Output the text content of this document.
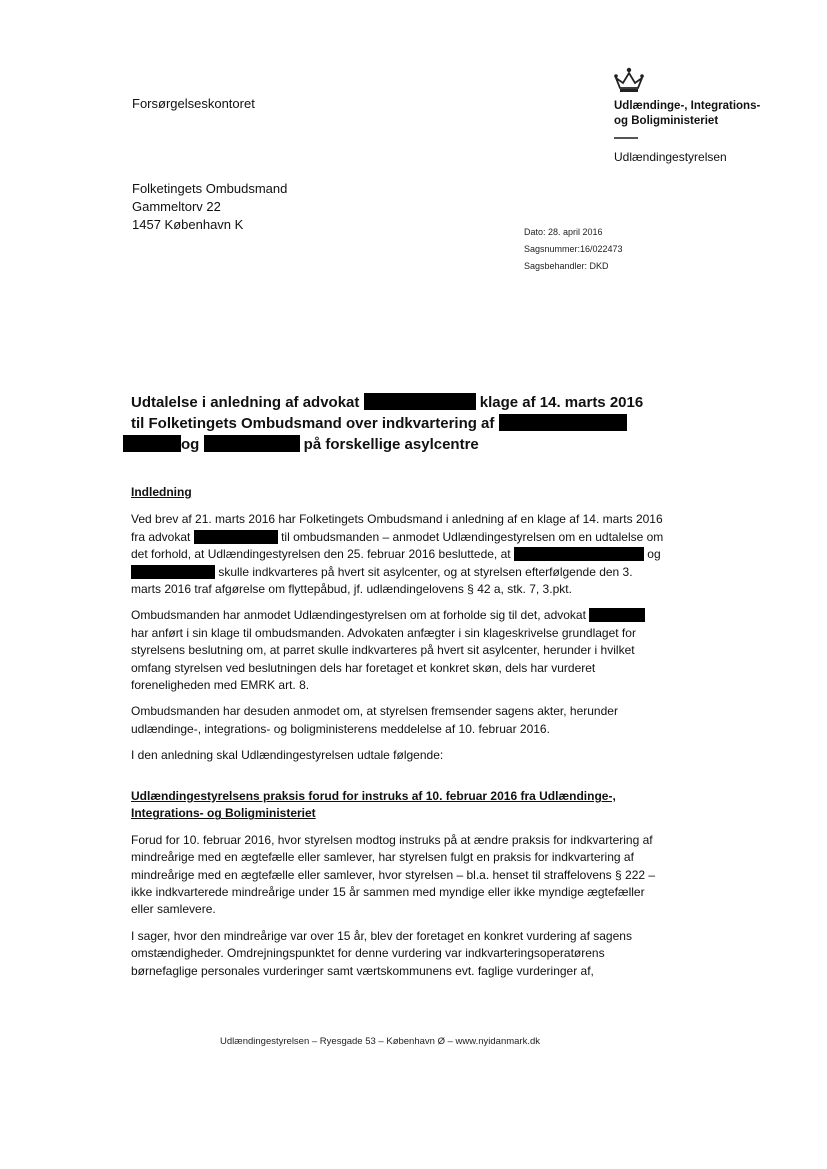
Forsørgelseskontoret	Udlændinge-, Integrations-
og Boligministeriet
Udlændingestyrelsen
Folketingets Ombudsmand
Gammeltorv 22
1457 København K	Dato: 28. april 2016
Sagsnummer:16/022473
Sagsbehandler: DKD
Udtalelse i anledning af advokat	klage af 14. marts 2016
til Folketingets Ombudsmand over indkvartering af
og	på forskellige asylcentre

Indledning

Ved brev af 21. marts 2016 har Folketingets Ombudsmand i anledning af en klage af 14. marts 2016 fra advokat	til ombudsmanden – anmodet Udlændingestyrelsen om en udtalelse om det forhold, at Udlændingestyrelsen den 25. februar 2016 besluttede, at	og  skulle indkvarteres på hvert sit asylcenter, og at styrelsen efterfølgende den 3. marts 2016 traf afgørelse om flyttepåbud, jf. udlændingelovens § 42 a, stk. 7, 3.pkt.

Ombudsmanden har anmodet Udlændingestyrelsen om at forholde sig til det, advokat  har anført i sin klage til ombudsmanden. Advokaten anfægter i sin klageskrivelse grundlaget for styrelsens beslutning om, at parret skulle indkvarteres på hvert sit asylcenter, herunder i hvilket omfang styrelsen ved beslutningen dels har foretaget et konkret skøn, dels har vurderet foreneligheden med EMRK art. 8.

Ombudsmanden har desuden anmodet om, at styrelsen fremsender sagens akter, herunder udlændinge-, integrations- og boligministerens meddelelse af 10. februar 2016.

I den anledning skal Udlændingestyrelsen udtale følgende:

Udlændingestyrelsens praksis forud for instruks af 10. februar 2016 fra Udlændinge-, Integrations- og Boligministeriet

Forud for 10. februar 2016, hvor styrelsen modtog instruks på at ændre praksis for indkvartering af mindreårige med en ægtefælle eller samlever, har styrelsen fulgt en praksis for indkvartering af mindreårige med en ægtefælle eller samlever, hvor styrelsen – bl.a. henset til straffelovens § 222 – ikke indkvarterede mindreårige under 15 år sammen med myndige eller ikke myndige ægtefæller eller samlevere.

I sager, hvor den mindreårige var over 15 år, blev der foretaget en konkret vurdering af sagens omstændigheder. Omdrejningspunktet for denne vurdering var indkvarteringsoperatørens børnefaglige personales vurderinger samt værtskommunens evt. faglige vurderinger af,

Udlændingestyrelsen – Ryesgade 53 – København Ø – www.nyidanmark.dk
